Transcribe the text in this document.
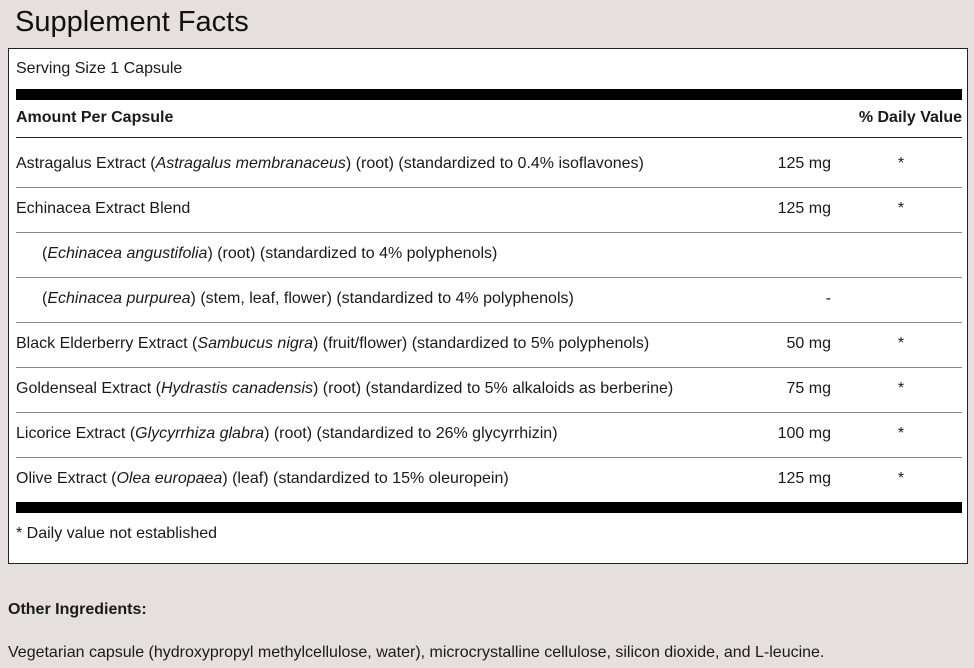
Supplement Facts
Serving Size 1 Capsule
Amount Per Capsule	% Daily Value
Astragalus Extract (Astragalus membranaceus) (root) (standardized to 0.4% isoflavones)	125 mg	*
Echinacea Extract Blend	125 mg	*
(Echinacea angustifolia) (root) (standardized to 4% polyphenols)
(Echinacea purpurea) (stem, leaf, flower) (standardized to 4% polyphenols)	-
Black Elderberry Extract (Sambucus nigra) (fruit/flower) (standardized to 5% polyphenols)	50 mg	*
Goldenseal Extract (Hydrastis canadensis) (root) (standardized to 5% alkaloids as berberine)	75 mg	*
Licorice Extract (Glycyrrhiza glabra) (root) (standardized to 26% glycyrrhizin)	100 mg	*
Olive Extract (Olea europaea) (leaf) (standardized to 15% oleuropein)	125 mg	*
* Daily value not established
Other Ingredients:
Vegetarian capsule (hydroxypropyl methylcellulose, water), microcrystalline cellulose, silicon dioxide, and L-leucine.
